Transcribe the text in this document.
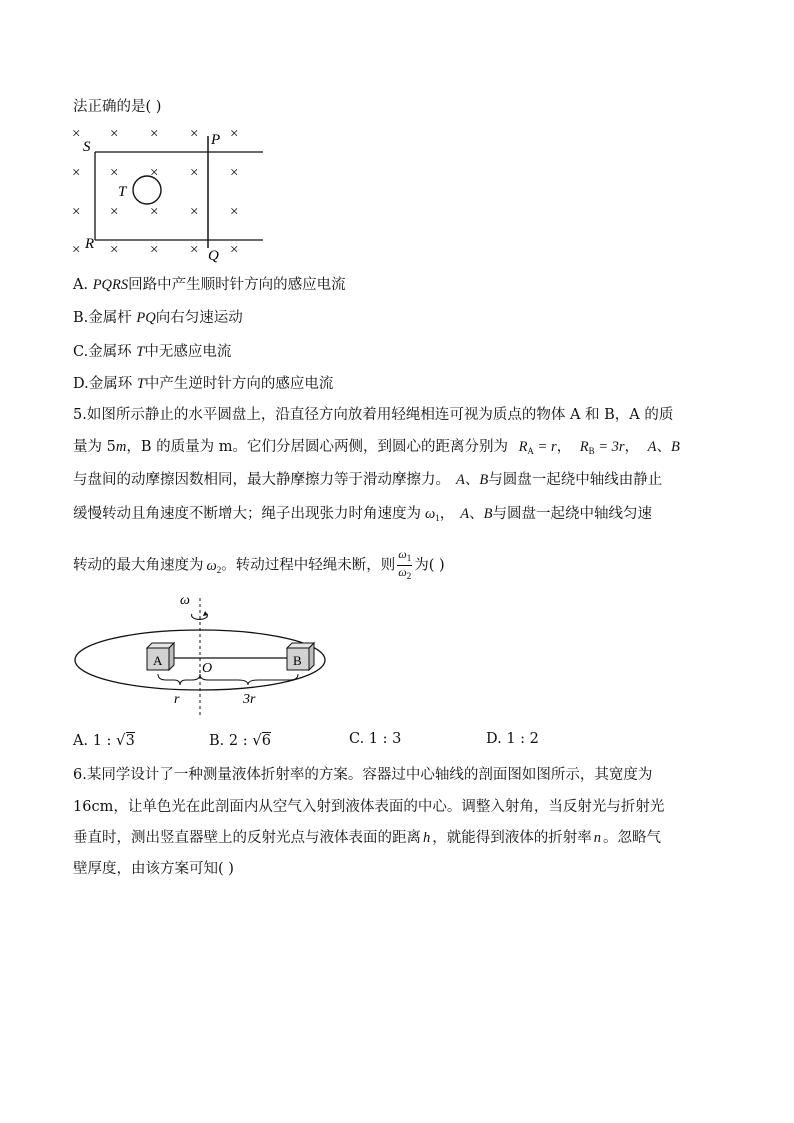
法正确的是( )
× × × × ×
× × × × ×
× × × × ×
× × × × ×
S	P
T
R
Q
A. PQRS回路中产生顺时针方向的感应电流
B.金属杆 PQ向右匀速运动
C.金属环 T中无感应电流
D.金属环 T中产生逆时针方向的感应电流
5.如图所示静止的水平圆盘上，沿直径方向放着用轻绳相连可视为质点的物体 A 和 B，A 的质
量为 5m，B 的质量为 m。它们分居圆心两侧，到圆心的距离分别为 $R_A = r$， $R_B = 3r$， A、B
与盘间的动摩擦因数相同，最大静摩擦力等于滑动摩擦力。 A、B与圆盘一起绕中轴线由静止
缓慢转动且角速度不断增大；绳子出现张力时角速度为 $\omega_1$， A、B与圆盘一起绕中轴线匀速
转动的最大角速度为 $\omega_2$。转动过程中轻绳未断，则 $\frac{\omega_1}{\omega_2}$ 为( )
ω
A	B
O
r	3r
A. 1 : √3	B. 2 : √6	C. 1 : 3	D. 1 : 2
6.某同学设计了一种测量液体折射率的方案。容器过中心轴线的剖面图如图所示，其宽度为
16cm，让单色光在此剖面内从空气入射到液体表面的中心。调整入射角，当反射光与折射光
垂直时，测出竖直器壁上的反射光点与液体表面的距离 h ，就能得到液体的折射率 n 。忽略气
壁厚度，由该方案可知( )
